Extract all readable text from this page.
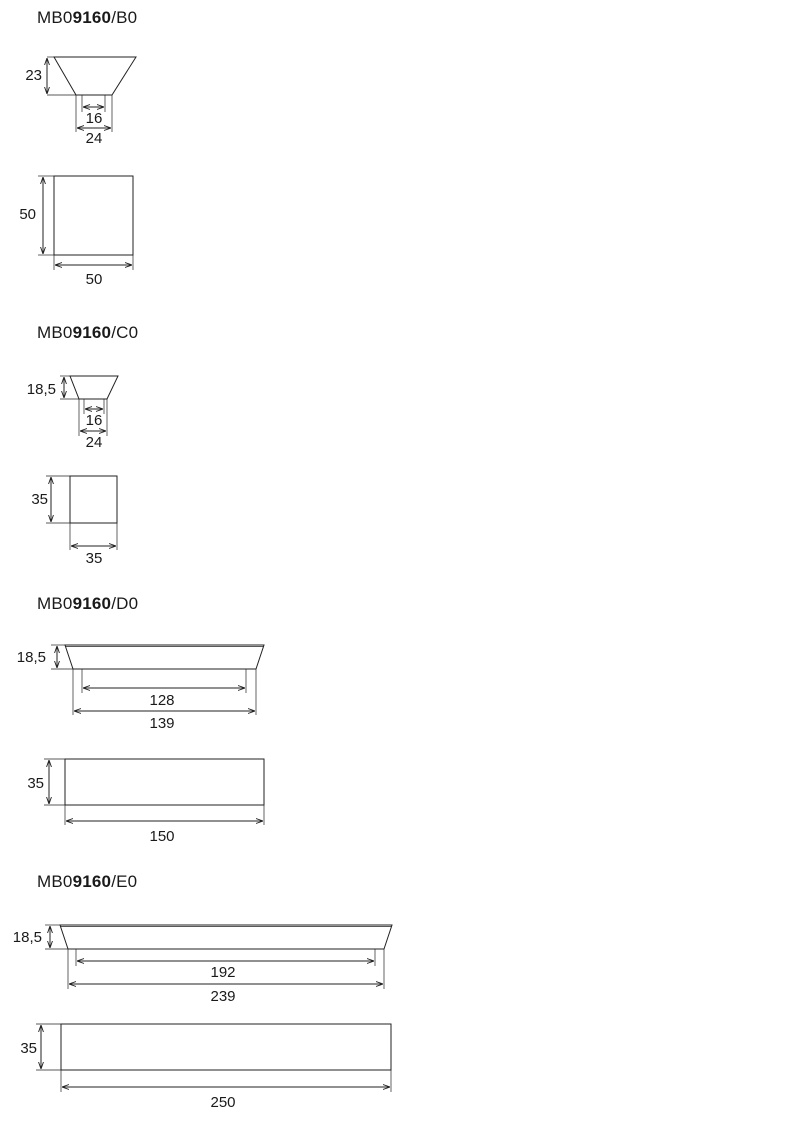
MB09160/B0
MB09160/C0
MB09160/D0
MB09160/E0
23
16
24
50
50
18,5
16
24
35
35
18,5
128
139
35
150
18,5
192
239
35
250
